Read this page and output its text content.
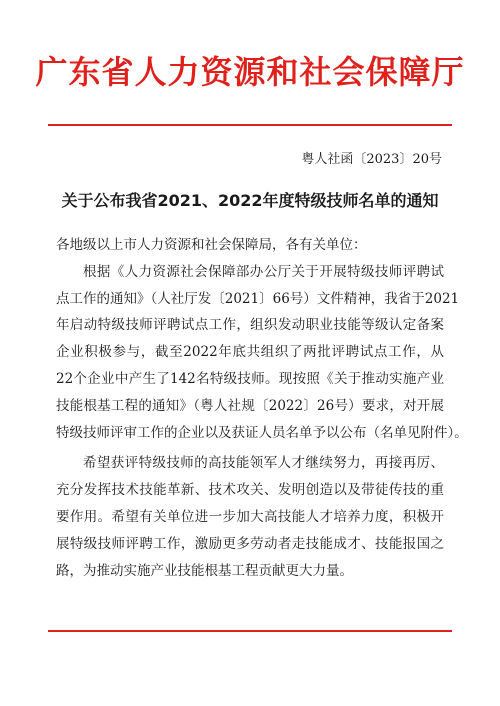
广东省人力资源和社会保障厅
粤人社函〔2023〕20号
关于公布我省2021、2022年度特级技师名单的通知
各地级以上市人力资源和社会保障局，各有关单位：
根据《人力资源社会保障部办公厅关于开展特级技师评聘试
点工作的通知》（人社厅发〔2021〕66号）文件精神，我省于2021
年启动特级技师评聘试点工作，组织发动职业技能等级认定备案
企业积极参与，截至2022年底共组织了两批评聘试点工作，从
22个企业中产生了142名特级技师。现按照《关于推动实施产业
技能根基工程的通知》（粤人社规〔2022〕26号）要求，对开展
特级技师评审工作的企业以及获证人员名单予以公布（名单见附件）。
希望获评特级技师的高技能领军人才继续努力，再接再厉、
充分发挥技术技能革新、技术攻关、发明创造以及带徒传技的重
要作用。希望有关单位进一步加大高技能人才培养力度，积极开
展特级技师评聘工作，激励更多劳动者走技能成才、技能报国之
路，为推动实施产业技能根基工程贡献更大力量。
